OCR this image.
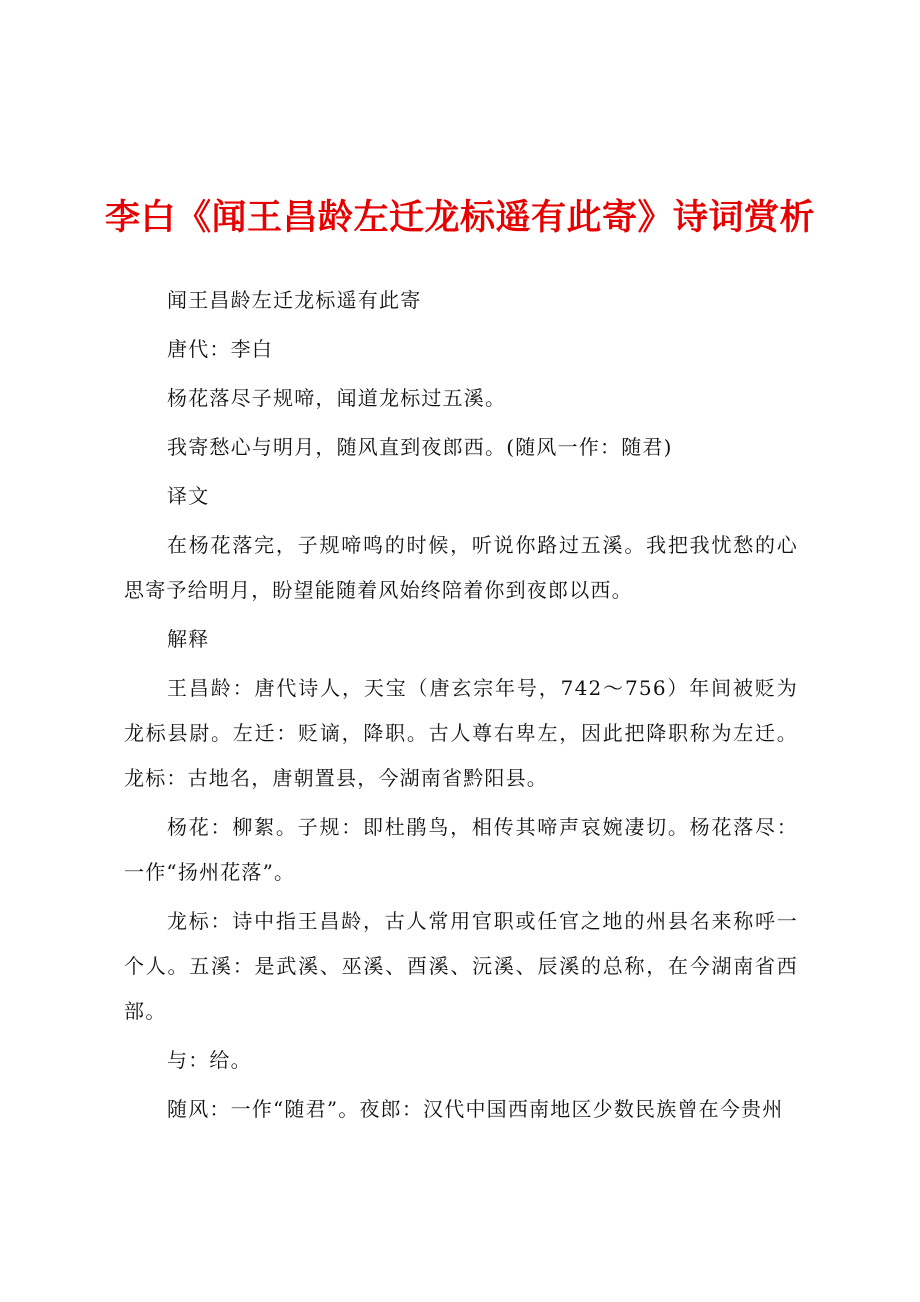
李白《闻王昌龄左迁龙标遥有此寄》诗词赏析

闻王昌龄左迁龙标遥有此寄

唐代：李白

杨花落尽子规啼，闻道龙标过五溪。

我寄愁心与明月，随风直到夜郎西。(随风一作：随君)

译文

在杨花落完，子规啼鸣的时候，听说你路过五溪。我把我忧愁的心思寄予给明月，盼望能随着风始终陪着你到夜郎以西。

解释

王昌龄：唐代诗人，天宝（唐玄宗年号，742～756）年间被贬为龙标县尉。左迁：贬谪，降职。古人尊右卑左，因此把降职称为左迁。龙标：古地名，唐朝置县，今湖南省黔阳县。

杨花：柳絮。子规：即杜鹃鸟，相传其啼声哀婉凄切。杨花落尽：一作“扬州花落”。

龙标：诗中指王昌龄，古人常用官职或任官之地的州县名来称呼一个人。五溪：是武溪、巫溪、酉溪、沅溪、辰溪的总称，在今湖南省西部。

与：给。

随风：一作“随君”。夜郎：汉代中国西南地区少数民族曾在今贵州
